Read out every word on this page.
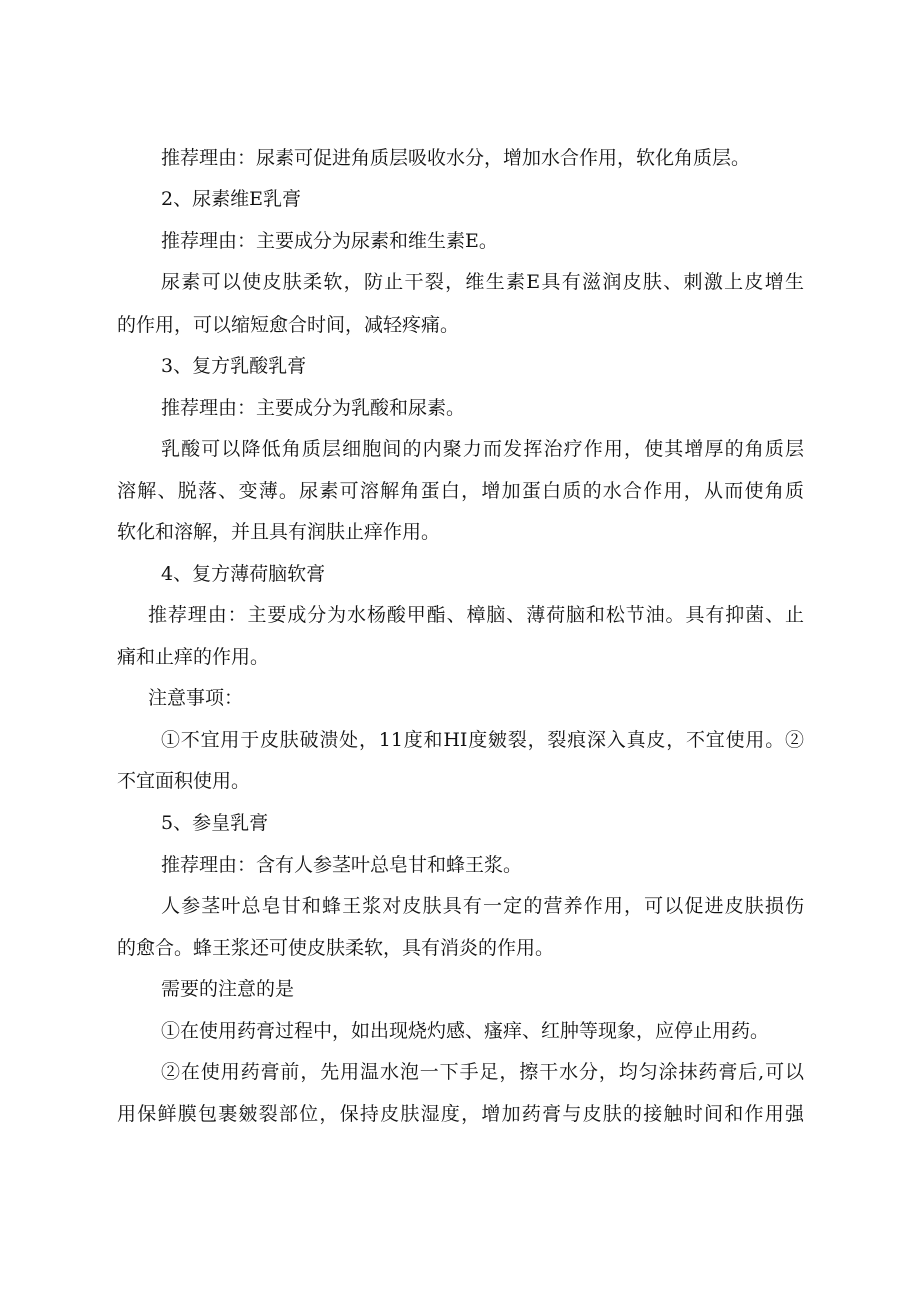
推荐理由：尿素可促进角质层吸收水分，增加水合作用，软化角质层。
2、尿素维E乳膏
推荐理由：主要成分为尿素和维生素E。
尿素可以使皮肤柔软，防止干裂，维生素E具有滋润皮肤、刺激上皮增生
的作用，可以缩短愈合时间，减轻疼痛。
3、复方乳酸乳膏
推荐理由：主要成分为乳酸和尿素。
乳酸可以降低角质层细胞间的内聚力而发挥治疗作用，使其增厚的角质层
溶解、脱落、变薄。尿素可溶解角蛋白，增加蛋白质的水合作用，从而使角质
软化和溶解，并且具有润肤止痒作用。
4、复方薄荷脑软膏
推荐理由：主要成分为水杨酸甲酯、樟脑、薄荷脑和松节油。具有抑菌、止
痛和止痒的作用。
注意事项：
①不宜用于皮肤破溃处，11度和HI度皴裂，裂痕深入真皮，不宜使用。②
不宜面积使用。
5、参皇乳膏
推荐理由：含有人参茎叶总皂甘和蜂王浆。
人参茎叶总皂甘和蜂王浆对皮肤具有一定的营养作用，可以促进皮肤损伤
的愈合。蜂王浆还可使皮肤柔软，具有消炎的作用。
需要的注意的是
①在使用药膏过程中，如出现烧灼感、瘙痒、红肿等现象，应停止用药。
②在使用药膏前，先用温水泡一下手足，擦干水分，均匀涂抹药膏后,可以
用保鲜膜包裹皴裂部位，保持皮肤湿度，增加药膏与皮肤的接触时间和作用强
